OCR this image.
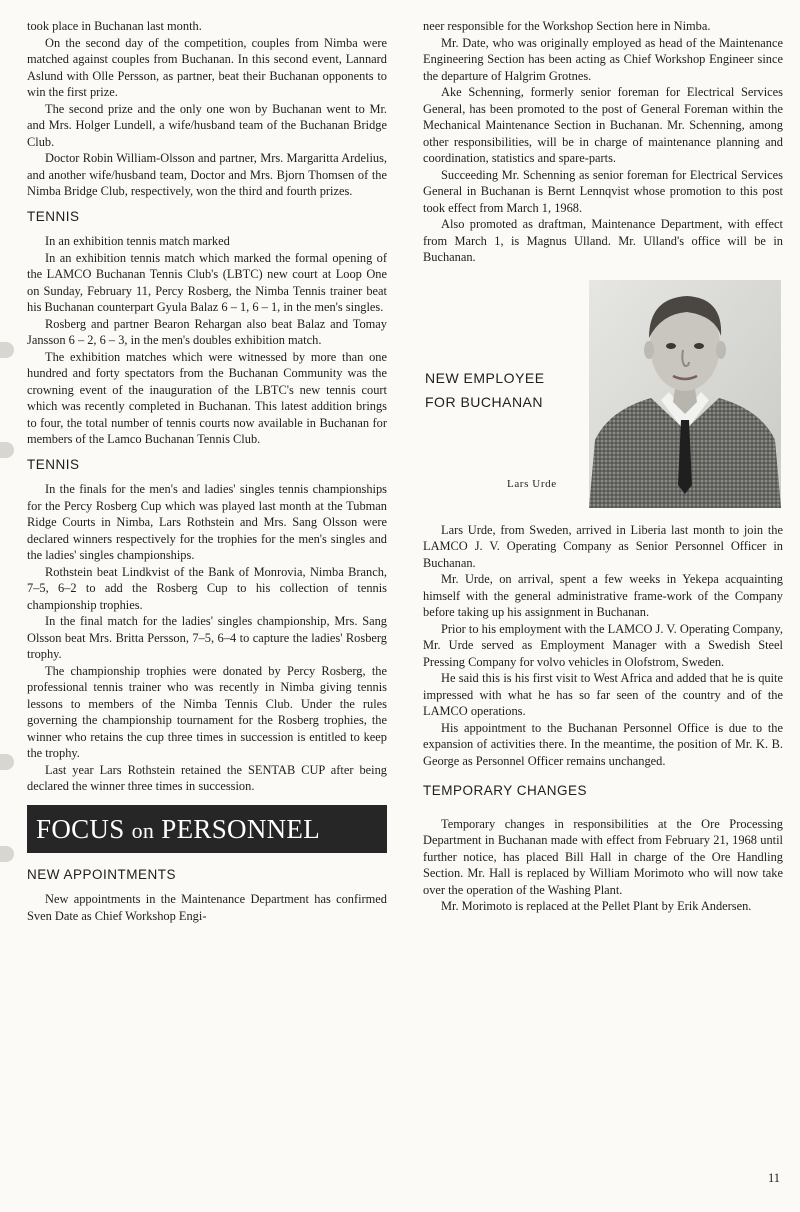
took place in Buchanan last month.

On the second day of the competition, couples from Nimba were matched against couples from Buchanan. In this second event, Lannard Aslund with Olle Persson, as partner, beat their Buchanan opponents to win the first prize.

The second prize and the only one won by Buchanan went to Mr. and Mrs. Holger Lundell, a wife/husband team of the Buchanan Bridge Club.

Doctor Robin William-Olsson and partner, Mrs. Margaritta Ardelius, and another wife/husband team, Doctor and Mrs. Bjorn Thomsen of the Nimba Bridge Club, respectively, won the third and fourth prizes.

TENNIS

In an exhibition tennis match marked

In an exhibition tennis match which marked the formal opening of the LAMCO Buchanan Tennis Club's (LBTC) new court at Loop One on Sunday, February 11, Percy Rosberg, the Nimba Tennis trainer beat his Buchanan counterpart Gyula Balaz 6 – 1, 6 – 1, in the men's singles.

Rosberg and partner Bearon Rehargan also beat Balaz and Tomay Jansson 6 – 2, 6 – 3, in the men's doubles exhibition match.

The exhibition matches which were witnessed by more than one hundred and forty spectators from the Buchanan Community was the crowning event of the inauguration of the LBTC's new tennis court which was recently completed in Buchanan. This latest addition brings to four, the total number of tennis courts now available in Buchanan for members of the Lamco Buchanan Tennis Club.

TENNIS

In the finals for the men's and ladies' singles tennis championships for the Percy Rosberg Cup which was played last month at the Tubman Ridge Courts in Nimba, Lars Rothstein and Mrs. Sang Olsson were declared winners respectively for the trophies for the men's singles and the ladies' singles championships.

Rothstein beat Lindkvist of the Bank of Monrovia, Nimba Branch, 7–5, 6–2 to add the Rosberg Cup to his collection of tennis championship trophies.

In the final match for the ladies' singles championship, Mrs. Sang Olsson beat Mrs. Britta Persson, 7–5, 6–4 to capture the ladies' Rosberg trophy.

The championship trophies were donated by Percy Rosberg, the professional tennis trainer who was recently in Nimba giving tennis lessons to members of the Nimba Tennis Club. Under the rules governing the championship tournament for the Rosberg trophies, the winner who retains the cup three times in succession is entitled to keep the trophy.

Last year Lars Rothstein retained the SENTAB CUP after being declared the winner three times in succession.

FOCUS on PERSONNEL
NEW APPOINTMENTS

New appointments in the Maintenance Department has confirmed Sven Date as Chief Workshop Engi-

neer responsible for the Workshop Section here in Nimba.

Mr. Date, who was originally employed as head of the Maintenance Engineering Section has been acting as Chief Workshop Engineer since the departure of Halgrim Grotnes.

Ake Schenning, formerly senior foreman for Electrical Services General, has been promoted to the post of General Foreman within the Mechanical Maintenance Section in Buchanan. Mr. Schenning, among other responsibilities, will be in charge of maintenance planning and coordination, statistics and spare-parts.

Succeeding Mr. Schenning as senior foreman for Electrical Services General in Buchanan is Bernt Lennqvist whose promotion to this post took effect from March 1, 1968.

Also promoted as draftman, Maintenance Department, with effect from March 1, is Magnus Ulland. Mr. Ulland's office will be in Buchanan.

NEW EMPLOYEE
FOR BUCHANAN
Lars Urde

Lars Urde, from Sweden, arrived in Liberia last month to join the LAMCO J. V. Operating Company as Senior Personnel Officer in Buchanan.

Mr. Urde, on arrival, spent a few weeks in Yekepa acquainting himself with the general administrative frame-work of the Company before taking up his assignment in Buchanan.

Prior to his employment with the LAMCO J. V. Operating Company, Mr. Urde served as Employment Manager with a Swedish Steel Pressing Company for volvo vehicles in Olofstrom, Sweden.

He said this is his first visit to West Africa and added that he is quite impressed with what he has so far seen of the country and of the LAMCO operations.

His appointment to the Buchanan Personnel Office is due to the expansion of activities there. In the meantime, the position of Mr. K. B. George as Personnel Officer remains unchanged.

TEMPORARY CHANGES

Temporary changes in responsibilities at the Ore Processing Department in Buchanan made with effect from February 21, 1968 until further notice, has placed Bill Hall in charge of the Ore Handling Section. Mr. Hall is replaced by William Morimoto who will now take over the operation of the Washing Plant.

Mr. Morimoto is replaced at the Pellet Plant by Erik Andersen.

11
